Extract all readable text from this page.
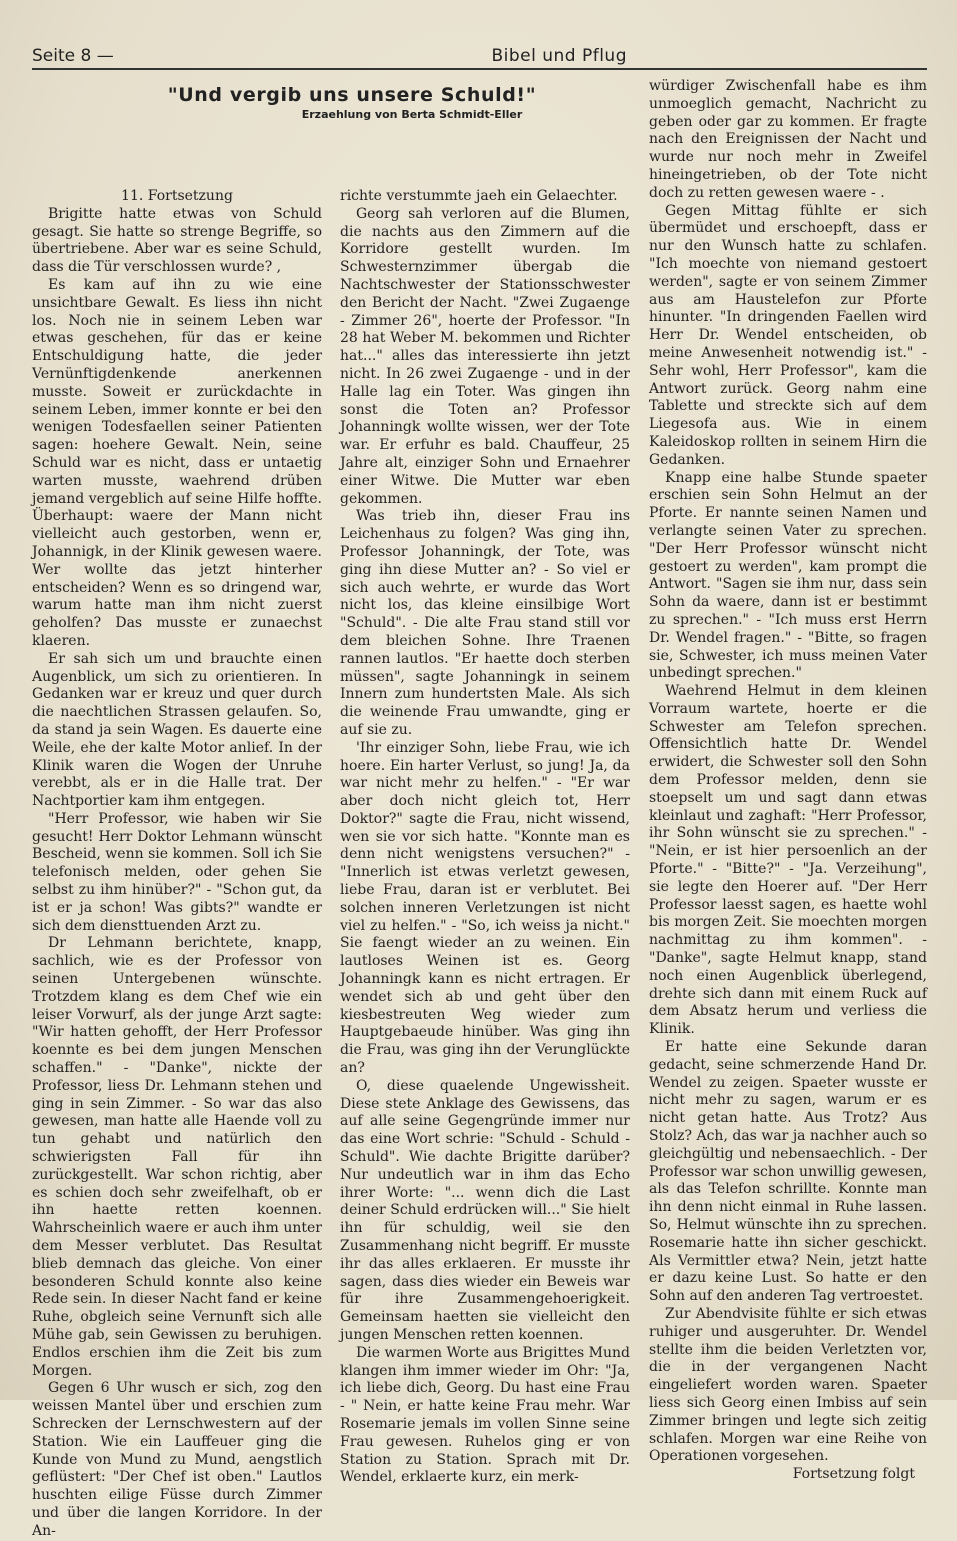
Seite 8 —	Bibel und Pflug
"Und vergib uns unsere Schuld!"
Erzaehlung von Berta Schmidt-Eller

11. Fortsetzung

Brigitte hatte etwas von Schuld gesagt. Sie hatte so strenge Begriffe, so übertriebene. Aber war es seine Schuld, dass die Tür verschlossen wurde? ,

Es kam auf ihn zu wie eine unsichtbare Gewalt. Es liess ihn nicht los. Noch nie in seinem Leben war etwas geschehen, für das er keine Entschuldigung hatte, die jeder Vernünftigdenkende anerkennen musste. Soweit er zurückdachte in seinem Leben, immer konnte er bei den wenigen Todesfaellen seiner Patienten sagen: hoehere Gewalt. Nein, seine Schuld war es nicht, dass er untaetig warten musste, waehrend drüben jemand vergeblich auf seine Hilfe hoffte. Überhaupt: waere der Mann nicht vielleicht auch gestorben, wenn er, Johannigk, in der Klinik gewesen waere. Wer wollte das jetzt hinterher entscheiden? Wenn es so dringend war, warum hatte man ihm nicht zuerst geholfen? Das musste er zunaechst klaeren.

Er sah sich um und brauchte einen Augenblick, um sich zu orientieren. In Gedanken war er kreuz und quer durch die naechtlichen Strassen gelaufen. So, da stand ja sein Wagen. Es dauerte eine Weile, ehe der kalte Motor anlief. In der Klinik waren die Wogen der Unruhe verebbt, als er in die Halle trat. Der Nachtportier kam ihm entgegen.

"Herr Professor, wie haben wir Sie gesucht! Herr Doktor Lehmann wünscht Bescheid, wenn sie kommen. Soll ich Sie telefonisch melden, oder gehen Sie selbst zu ihm hinüber?" - "Schon gut, da ist er ja schon! Was gibts?" wandte er sich dem diensttuenden Arzt zu.

Dr Lehmann berichtete, knapp, sachlich, wie es der Professor von seinen Untergebenen wünschte. Trotzdem klang es dem Chef wie ein leiser Vorwurf, als der junge Arzt sagte: "Wir hatten gehofft, der Herr Professor koennte es bei dem jungen Menschen schaffen." - "Danke", nickte der Professor, liess Dr. Lehmann stehen und ging in sein Zimmer. - So war das also gewesen, man hatte alle Haende voll zu tun gehabt und natürlich den schwierigsten Fall für ihn zurückgestellt. War schon richtig, aber es schien doch sehr zweifelhaft, ob er ihn haette retten koennen. Wahrscheinlich waere er auch ihm unter dem Messer verblutet. Das Resultat blieb demnach das gleiche. Von einer besonderen Schuld konnte also keine Rede sein. In dieser Nacht fand er keine Ruhe, obgleich seine Vernunft sich alle Mühe gab, sein Gewissen zu beruhigen. Endlos erschien ihm die Zeit bis zum Morgen.

Gegen 6 Uhr wusch er sich, zog den weissen Mantel über und erschien zum Schrecken der Lernschwestern auf der Station. Wie ein Lauffeuer ging die Kunde von Mund zu Mund, aengstlich geflüstert: "Der Chef ist oben." Lautlos huschten eilige Füsse durch Zimmer und über die langen Korridore. In der An-

richte verstummte jaeh ein Gelaechter.

Georg sah verloren auf die Blumen, die nachts aus den Zimmern auf die Korridore gestellt wurden. Im Schwesternzimmer übergab die Nachtschwester der Stationsschwester den Bericht der Nacht. "Zwei Zugaenge - Zimmer 26", hoerte der Professor. "In 28 hat Weber M. bekommen und Richter hat..." alles das interessierte ihn jetzt nicht. In 26 zwei Zugaenge - und in der Halle lag ein Toter. Was gingen ihn sonst die Toten an? Professor Johanningk wollte wissen, wer der Tote war. Er erfuhr es bald. Chauffeur, 25 Jahre alt, einziger Sohn und Ernaehrer einer Witwe. Die Mutter war eben gekommen.

Was trieb ihn, dieser Frau ins Leichenhaus zu folgen? Was ging ihn, Professor Johanningk, der Tote, was ging ihn diese Mutter an? - So viel er sich auch wehrte, er wurde das Wort nicht los, das kleine einsilbige Wort "Schuld". - Die alte Frau stand still vor dem bleichen Sohne. Ihre Traenen rannen lautlos. "Er haette doch sterben müssen", sagte Johanningk in seinem Innern zum hundertsten Male. Als sich die weinende Frau umwandte, ging er auf sie zu.

'Ihr einziger Sohn, liebe Frau, wie ich hoere. Ein harter Verlust, so jung! Ja, da war nicht mehr zu helfen." - "Er war aber doch nicht gleich tot, Herr Doktor?" sagte die Frau, nicht wissend, wen sie vor sich hatte. "Konnte man es denn nicht wenigstens versuchen?" - "Innerlich ist etwas verletzt gewesen, liebe Frau, daran ist er verblutet. Bei solchen inneren Verletzungen ist nicht viel zu helfen." - "So, ich weiss ja nicht." Sie faengt wieder an zu weinen. Ein lautloses Weinen ist es. Georg Johanningk kann es nicht ertragen. Er wendet sich ab und geht über den kiesbestreuten Weg wieder zum Hauptgebaeude hinüber. Was ging ihn die Frau, was ging ihn der Verunglückte an?

O, diese quaelende Ungewissheit. Diese stete Anklage des Gewissens, das auf alle seine Gegengründe immer nur das eine Wort schrie: "Schuld - Schuld - Schuld". Wie dachte Brigitte darüber? Nur undeutlich war in ihm das Echo ihrer Worte: "... wenn dich die Last deiner Schuld erdrücken will..." Sie hielt ihn für schuldig, weil sie den Zusammenhang nicht begriff. Er musste ihr das alles erklaeren. Er musste ihr sagen, dass dies wieder ein Beweis war für ihre Zusammengehoerigkeit. Gemeinsam haetten sie vielleicht den jungen Menschen retten koennen.

Die warmen Worte aus Brigittes Mund klangen ihm immer wieder im Ohr: "Ja, ich liebe dich, Georg. Du hast eine Frau - " Nein, er hatte keine Frau mehr. War Rosemarie jemals im vollen Sinne seine Frau gewesen. Ruhelos ging er von Station zu Station. Sprach mit Dr. Wendel, erklaerte kurz, ein merk-

würdiger Zwischenfall habe es ihm unmoeglich gemacht, Nachricht zu geben oder gar zu kommen. Er fragte nach den Ereignissen der Nacht und wurde nur noch mehr in Zweifel hineingetrieben, ob der Tote nicht doch zu retten gewesen waere - .

Gegen Mittag fühlte er sich übermüdet und erschoepft, dass er nur den Wunsch hatte zu schlafen. "Ich moechte von niemand gestoert werden", sagte er von seinem Zimmer aus am Haustelefon zur Pforte hinunter. "In dringenden Faellen wird Herr Dr. Wendel entscheiden, ob meine Anwesenheit notwendig ist." - Sehr wohl, Herr Professor", kam die Antwort zurück. Georg nahm eine Tablette und streckte sich auf dem Liegesofa aus. Wie in einem Kaleidoskop rollten in seinem Hirn die Gedanken.

Knapp eine halbe Stunde spaeter erschien sein Sohn Helmut an der Pforte. Er nannte seinen Namen und verlangte seinen Vater zu sprechen. "Der Herr Professor wünscht nicht gestoert zu werden", kam prompt die Antwort. "Sagen sie ihm nur, dass sein Sohn da waere, dann ist er bestimmt zu sprechen." - "Ich muss erst Herrn Dr. Wendel fragen." - "Bitte, so fragen sie, Schwester, ich muss meinen Vater unbedingt sprechen."

Waehrend Helmut in dem kleinen Vorraum wartete, hoerte er die Schwester am Telefon sprechen. Offensichtlich hatte Dr. Wendel erwidert, die Schwester soll den Sohn dem Professor melden, denn sie stoepselt um und sagt dann etwas kleinlaut und zaghaft: "Herr Professor, ihr Sohn wünscht sie zu sprechen." - "Nein, er ist hier persoenlich an der Pforte." - "Bitte?" - "Ja. Verzeihung", sie legte den Hoerer auf. "Der Herr Professor laesst sagen, es haette wohl bis morgen Zeit. Sie moechten morgen nachmittag zu ihm kommen". - "Danke", sagte Helmut knapp, stand noch einen Augenblick überlegend, drehte sich dann mit einem Ruck auf dem Absatz herum und verliess die Klinik.

Er hatte eine Sekunde daran gedacht, seine schmerzende Hand Dr. Wendel zu zeigen. Spaeter wusste er nicht mehr zu sagen, warum er es nicht getan hatte. Aus Trotz? Aus Stolz? Ach, das war ja nachher auch so gleichgültig und nebensaechlich. - Der Professor war schon unwillig gewesen, als das Telefon schrillte. Konnte man ihn denn nicht einmal in Ruhe lassen. So, Helmut wünschte ihn zu sprechen. Rosemarie hatte ihn sicher geschickt. Als Vermittler etwa? Nein, jetzt hatte er dazu keine Lust. So hatte er den Sohn auf den anderen Tag vertroestet.

Zur Abendvisite fühlte er sich etwas ruhiger und ausgeruhter. Dr. Wendel stellte ihm die beiden Verletzten vor, die in der vergangenen Nacht eingeliefert worden waren. Spaeter liess sich Georg einen Imbiss auf sein Zimmer bringen und legte sich zeitig schlafen. Morgen war eine Reihe von Operationen vorgesehen.

Fortsetzung folgt
